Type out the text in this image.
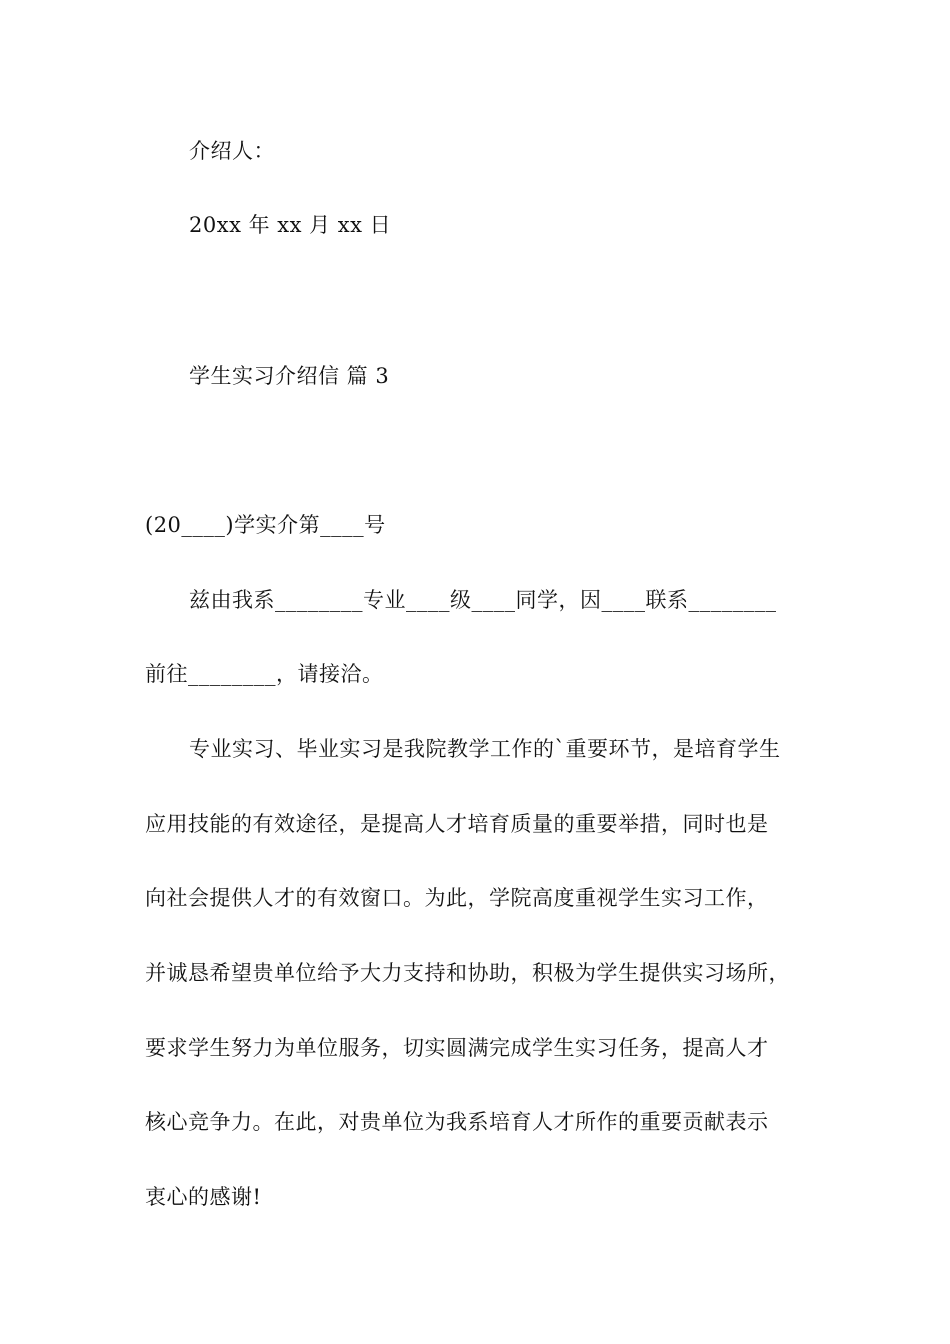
介绍人：
20xx 年 xx 月 xx 日
学生实习介绍信 篇 3
(20____)学实介第____号
兹由我系________专业____级____同学，因____联系________
前往________，请接洽。
专业实习、毕业实习是我院教学工作的`重要环节，是培育学生
应用技能的有效途径，是提高人才培育质量的重要举措，同时也是
向社会提供人才的有效窗口。为此，学院高度重视学生实习工作，
并诚恳希望贵单位给予大力支持和协助，积极为学生提供实习场所，
要求学生努力为单位服务，切实圆满完成学生实习任务，提高人才
核心竞争力。在此，对贵单位为我系培育人才所作的重要贡献表示
衷心的感谢!
